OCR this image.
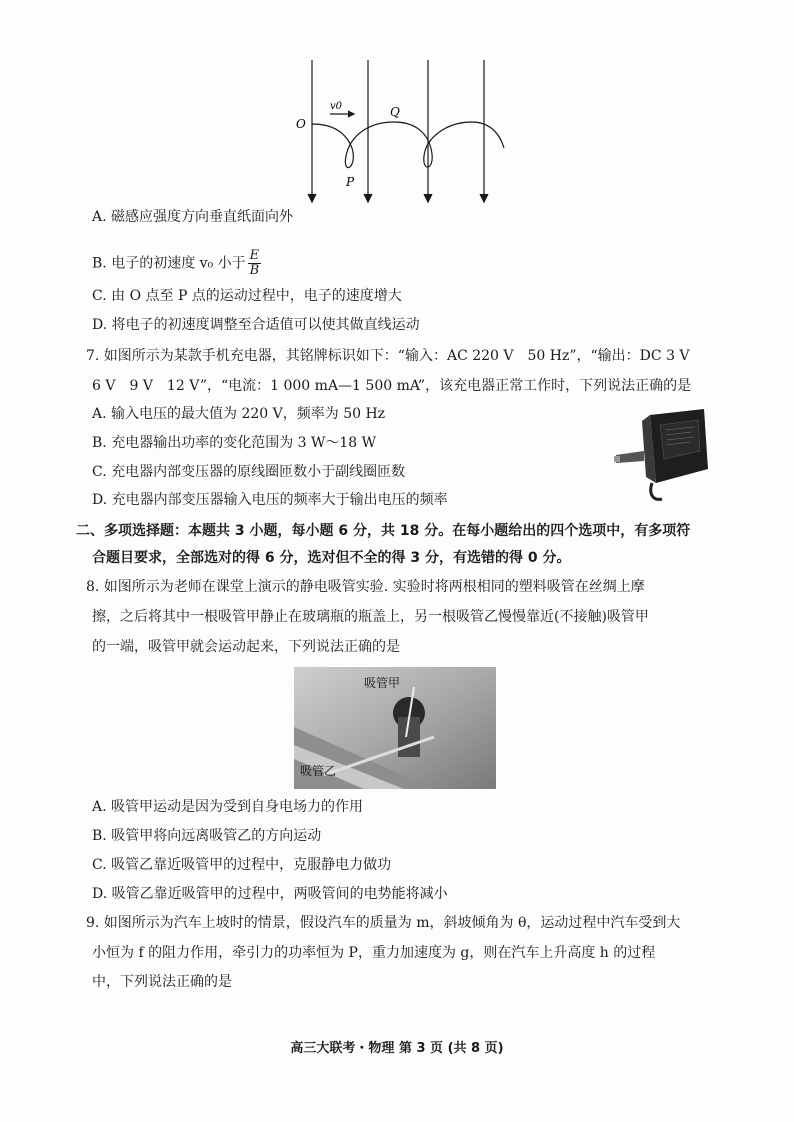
O
v0	Q
P
A. 磁感应强度方向垂直纸面向外
B. 电子的初速度 v₀ 小于 $\frac{E}{B}$
C. 由 O 点至 P 点的运动过程中，电子的速度增大
D. 将电子的初速度调整至合适值可以使其做直线运动
7. 如图所示为某款手机充电器，其铭牌标识如下：“输入：AC 220 V　50 Hz”，“输出：DC 3 V
6 V　9 V　12 V”，“电流：1 000 mA—1 500 mA”，该充电器正常工作时，下列说法正确的是
A. 输入电压的最大值为 220 V，频率为 50 Hz
B. 充电器输出功率的变化范围为 3 W～18 W
C. 充电器内部变压器的原线圈匝数小于副线圈匝数
D. 充电器内部变压器输入电压的频率大于输出电压的频率
二、多项选择题：本题共 3 小题，每小题 6 分，共 18 分。在每小题给出的四个选项中，有多项符
合题目要求，全部选对的得 6 分，选对但不全的得 3 分，有选错的得 0 分。
8. 如图所示为老师在课堂上演示的静电吸管实验. 实验时将两根相同的塑料吸管在丝绸上摩
擦，之后将其中一根吸管甲静止在玻璃瓶的瓶盖上，另一根吸管乙慢慢靠近(不接触)吸管甲
的一端，吸管甲就会运动起来，下列说法正确的是
吸管甲
吸管乙
A. 吸管甲运动是因为受到自身电场力的作用
B. 吸管甲将向远离吸管乙的方向运动
C. 吸管乙靠近吸管甲的过程中，克服静电力做功
D. 吸管乙靠近吸管甲的过程中，两吸管间的电势能将减小
9. 如图所示为汽车上坡时的情景，假设汽车的质量为 m，斜坡倾角为 θ，运动过程中汽车受到大
小恒为 f 的阻力作用，牵引力的功率恒为 P，重力加速度为 g，则在汽车上升高度 h 的过程
中，下列说法正确的是
高三大联考・物理 第 3 页 (共 8 页)
